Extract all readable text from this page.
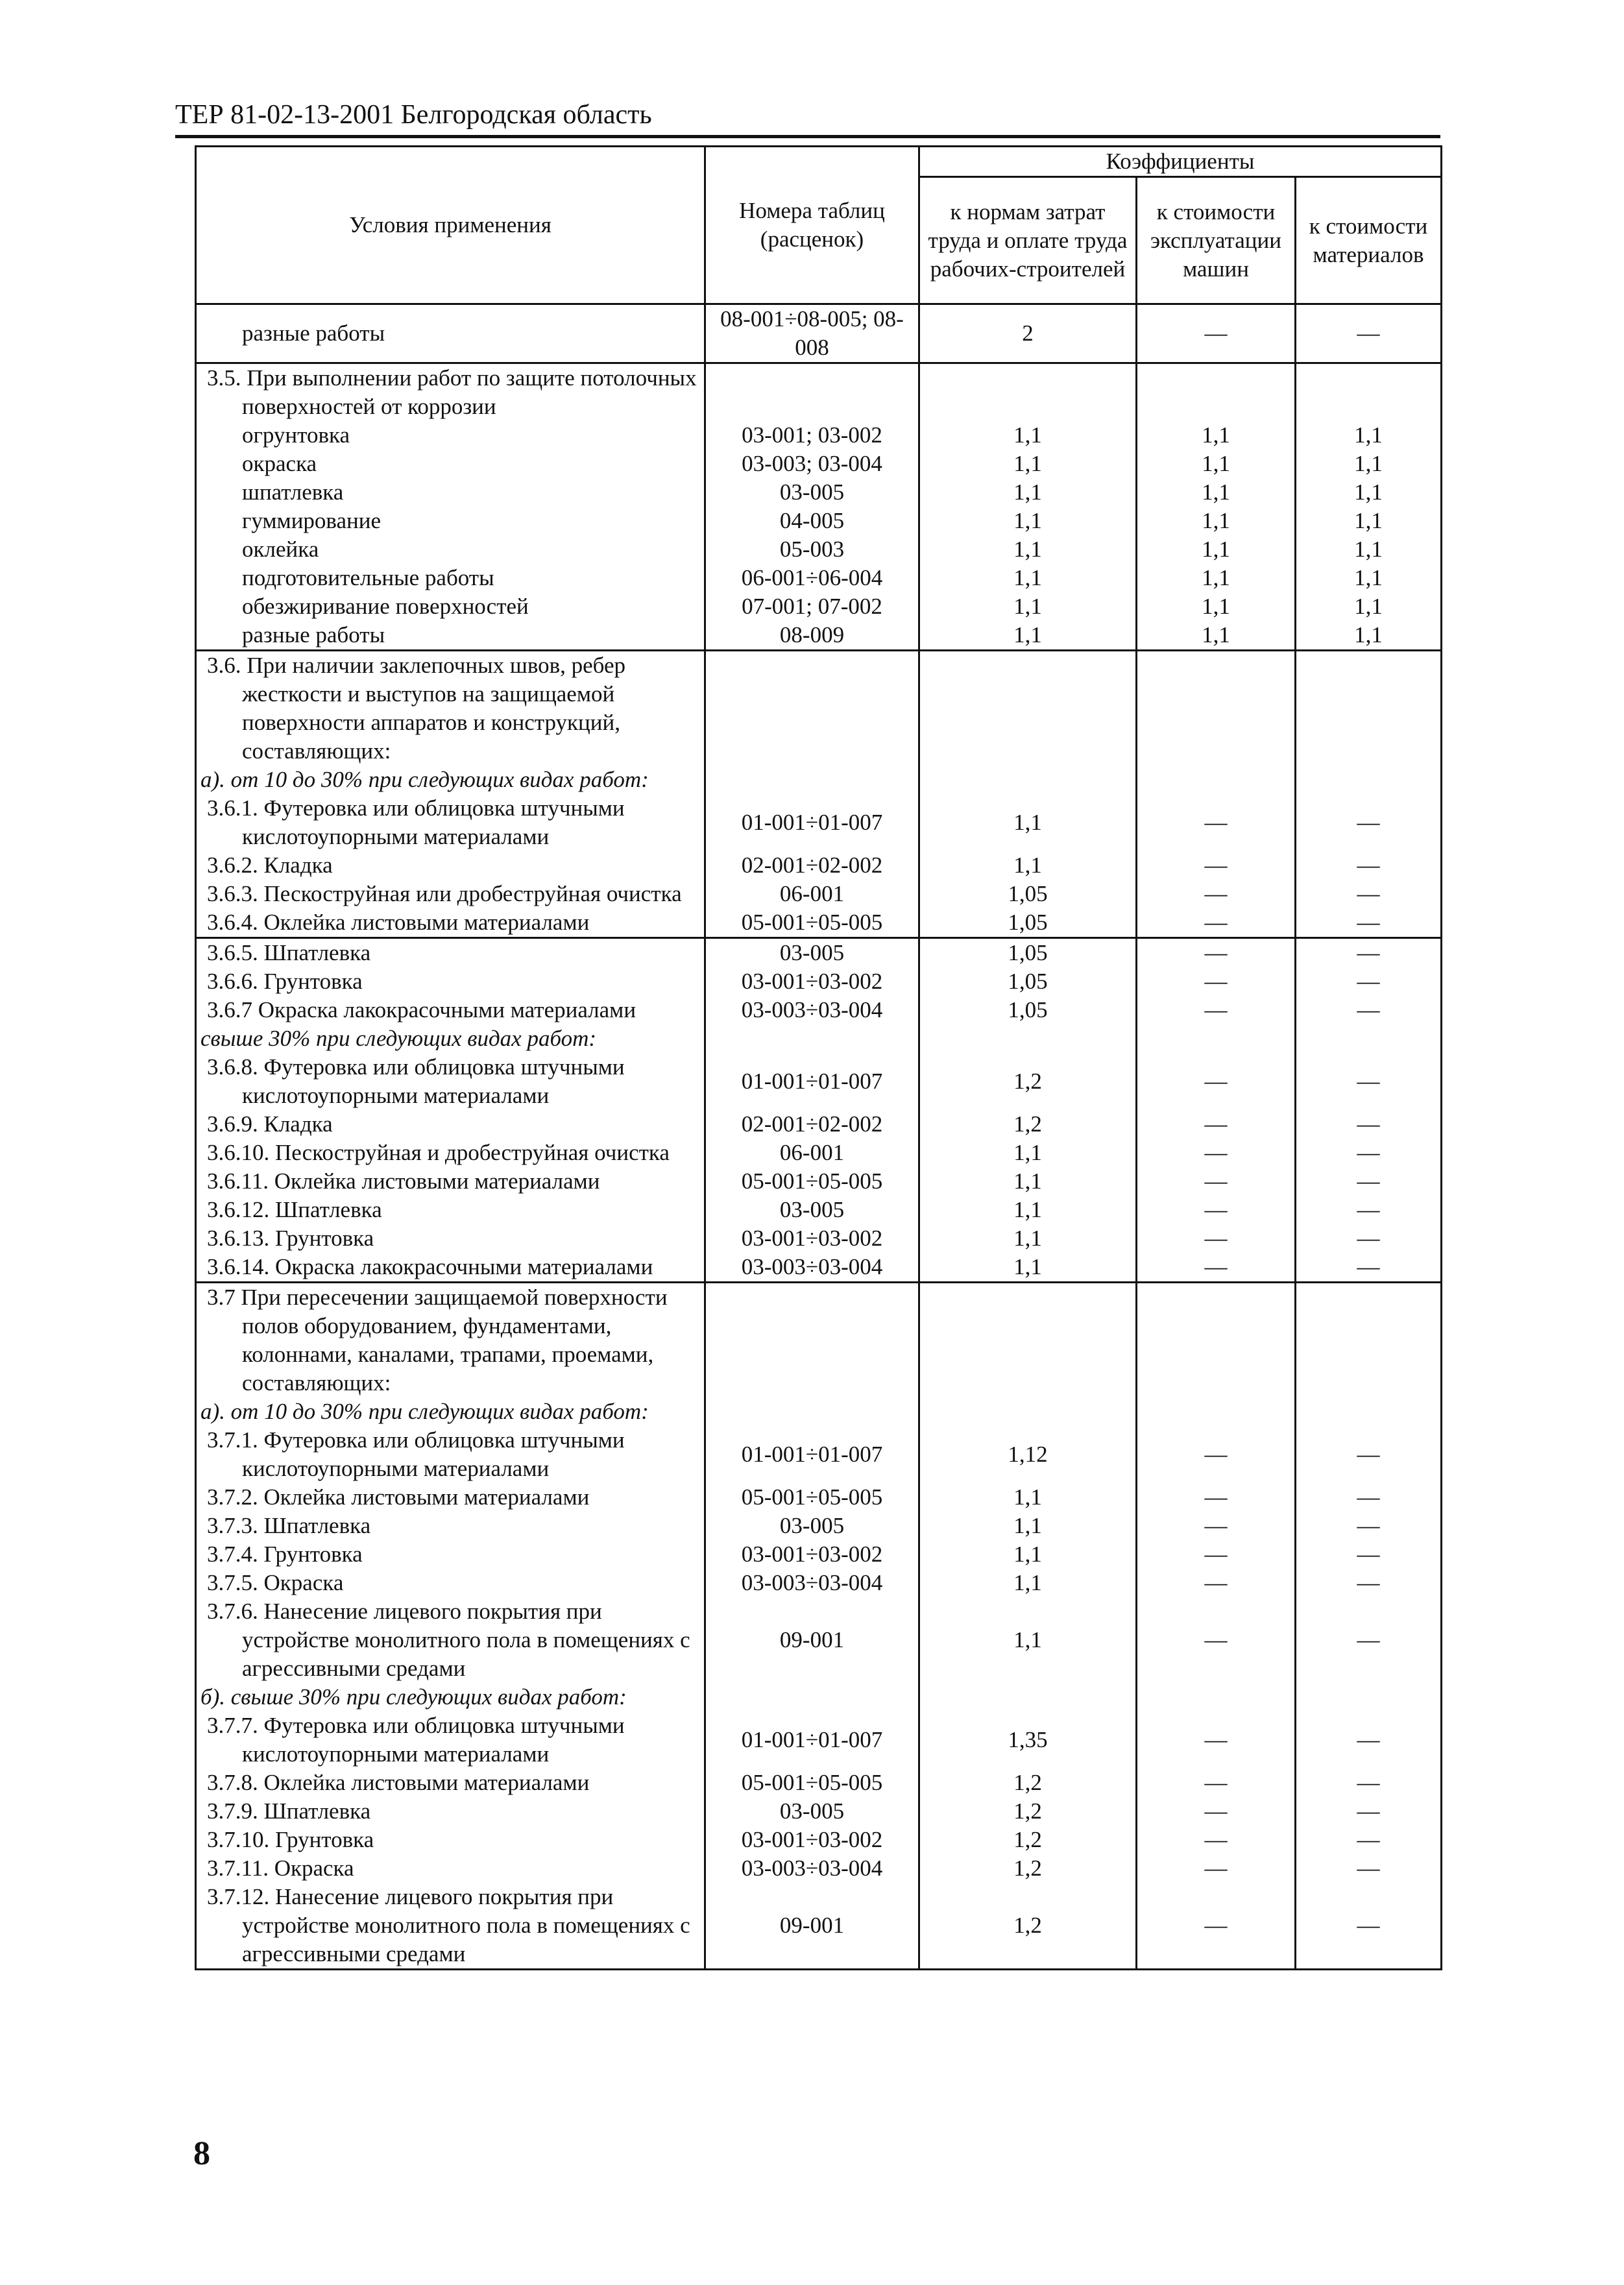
ТЕР 81-02-13-2001 Белгородская область
Условия применения	Номера таблиц (расценок)	Коэффициенты		
		к нормам затрат труда и оплате труда рабочих-строителей	к стоимости эксплуатации машин	к стоимости материалов
разные работы	08-001÷08-005; 08-008	2	—	—
3.5. При выполнении работ по защите потолочных поверхностей от коррозии				
огрунтовка	03-001; 03-002	1,1	1,1	1,1
окраска	03-003; 03-004	1,1	1,1	1,1
шпатлевка	03-005	1,1	1,1	1,1
гуммирование	04-005	1,1	1,1	1,1
оклейка	05-003	1,1	1,1	1,1
подготовительные работы	06-001÷06-004	1,1	1,1	1,1
обезжиривание поверхностей	07-001; 07-002	1,1	1,1	1,1
разные работы	08-009	1,1	1,1	1,1
3.6. При наличии заклепочных швов, ребер жесткости и выступов на защищаемой поверхности аппаратов и конструкций, составляющих:				
а). от 10 до 30% при следующих видах работ:				
3.6.1. Футеровка или облицовка штучными кислотоупорными материалами	01-001÷01-007	1,1	—	—
3.6.2. Кладка	02-001÷02-002	1,1	—	—
3.6.3. Пескоструйная или дробеструйная очистка	06-001	1,05	—	—
3.6.4. Оклейка листовыми материалами	05-001÷05-005	1,05	—	—
3.6.5. Шпатлевка	03-005	1,05	—	—
3.6.6. Грунтовка	03-001÷03-002	1,05	—	—
3.6.7 Окраска лакокрасочными материалами	03-003÷03-004	1,05	—	—
свыше 30% при следующих видах работ:				
3.6.8. Футеровка или облицовка штучными кислотоупорными материалами	01-001÷01-007	1,2	—	—
3.6.9. Кладка	02-001÷02-002	1,2	—	—
3.6.10. Пескоструйная и дробеструйная очистка	06-001	1,1	—	—
3.6.11. Оклейка листовыми материалами	05-001÷05-005	1,1	—	—
3.6.12. Шпатлевка	03-005	1,1	—	—
3.6.13. Грунтовка	03-001÷03-002	1,1	—	—
3.6.14. Окраска лакокрасочными материалами	03-003÷03-004	1,1	—	—
3.7 При пересечении защищаемой поверхности полов оборудованием, фундаментами, колоннами, каналами, трапами, проемами, составляющих:				
а). от 10 до 30% при следующих видах работ:				
3.7.1. Футеровка или облицовка штучными кислотоупорными материалами	01-001÷01-007	1,12	—	—
3.7.2. Оклейка листовыми материалами	05-001÷05-005	1,1	—	—
3.7.3. Шпатлевка	03-005	1,1	—	—
3.7.4. Грунтовка	03-001÷03-002	1,1	—	—
3.7.5. Окраска	03-003÷03-004	1,1	—	—
3.7.6. Нанесение лицевого покрытия при устройстве монолитного пола в помещениях с агрессивными средами	09-001	1,1	—	—
б). свыше 30% при следующих видах работ:				
3.7.7. Футеровка или облицовка штучными кислотоупорными материалами	01-001÷01-007	1,35	—	—
3.7.8. Оклейка листовыми материалами	05-001÷05-005	1,2	—	—
3.7.9. Шпатлевка	03-005	1,2	—	—
3.7.10. Грунтовка	03-001÷03-002	1,2	—	—
3.7.11. Окраска	03-003÷03-004	1,2	—	—
3.7.12. Нанесение лицевого покрытия при устройстве монолитного пола в помещениях с агрессивными средами	09-001	1,2	—	—
8
